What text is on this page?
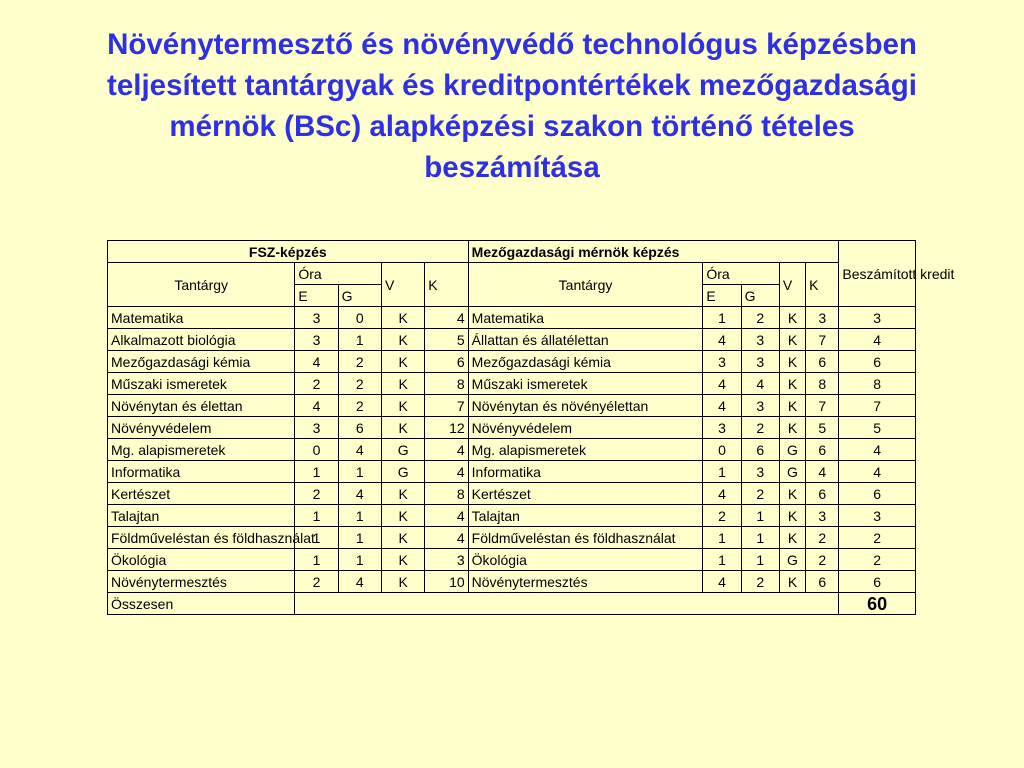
Növénytermesztő és növényvédő technológus képzésben
teljesített tantárgyak és kreditpontértékek mezőgazdasági
mérnök (BSc) alapképzési szakon történő tételes
beszámítása
FSZ-képzés					Mezőgazdasági mérnök képzés					Beszámított kredit
Tantárgy	Óra		V	K	Tantárgy	Óra		V	K	
	E	G				E	G			
Matematika	3	0	K	4	Matematika	1	2	K	3	3
Alkalmazott biológia	3	1	K	5	Állattan és állatélettan	4	3	K	7	4
Mezőgazdasági kémia	4	2	K	6	Mezőgazdasági kémia	3	3	K	6	6
Műszaki ismeretek	2	2	K	8	Műszaki ismeretek	4	4	K	8	8
Növénytan és élettan	4	2	K	7	Növénytan és növényélettan	4	3	K	7	7
Növényvédelem	3	6	K	12	Növényvédelem	3	2	K	5	5
Mg. alapismeretek	0	4	G	4	Mg. alapismeretek	0	6	G	6	4
Informatika	1	1	G	4	Informatika	1	3	G	4	4
Kertészet	2	4	K	8	Kertészet	4	2	K	6	6
Talajtan	1	1	K	4	Talajtan	2	1	K	3	3
Földműveléstan és földhasználat	1	1	K	4	Földműveléstan és földhasználat	1	1	K	2	2
Ökológia	1	1	K	3	Ökológia	1	1	G	2	2
Növénytermesztés	2	4	K	10	Növénytermesztés	4	2	K	6	6
Összesen										60
